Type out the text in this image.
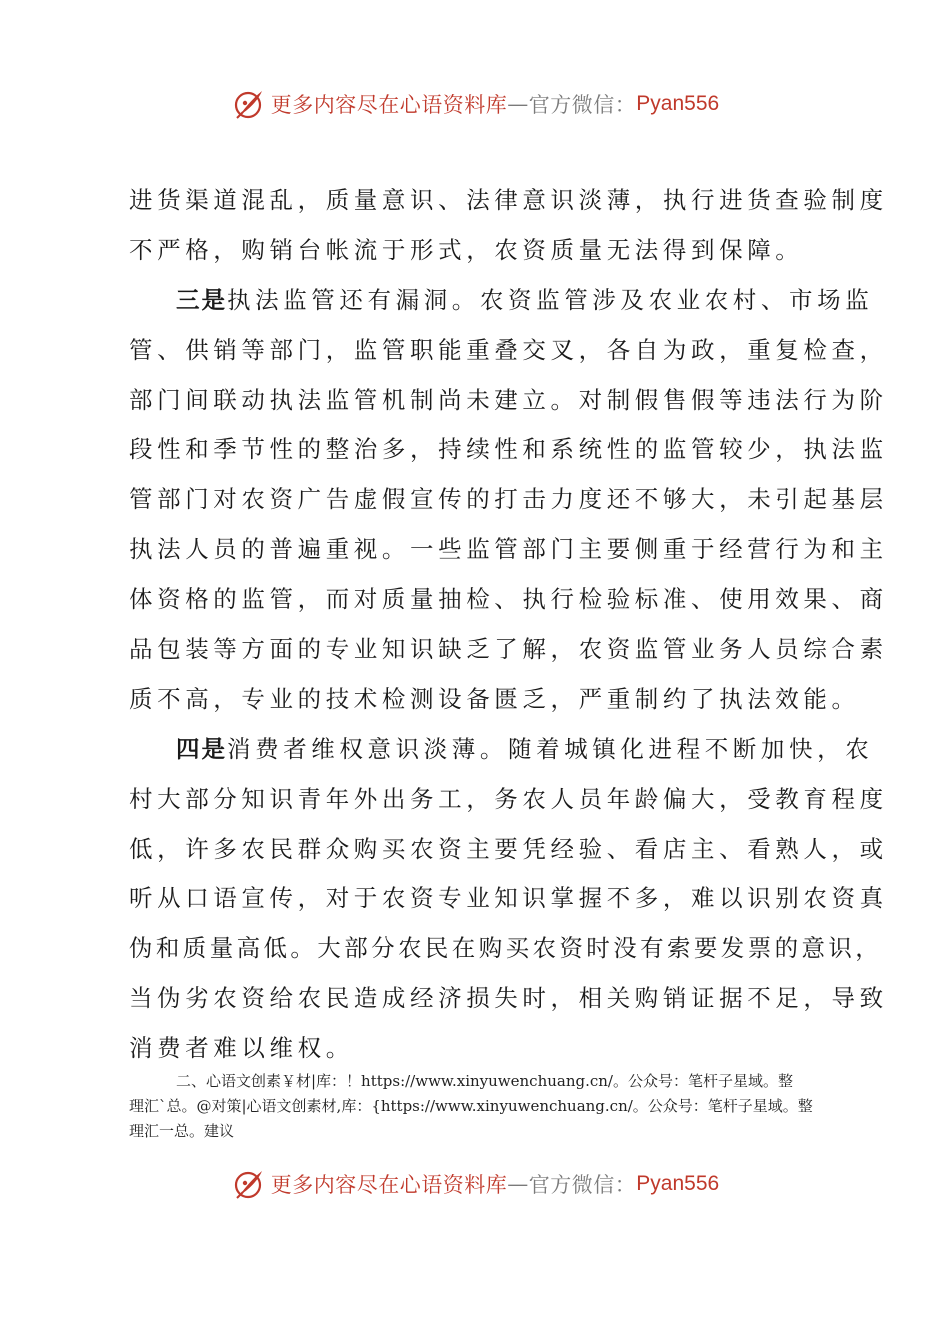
更多内容尽在心语资料库 — 官方微信： Pyan556
进货渠道混乱，质量意识、法律意识淡薄，执行进货查验制度
不严格，购销台帐流于形式，农资质量无法得到保障。
三是执法监管还有漏洞。农资监管涉及农业农村、市场监
管、供销等部门，监管职能重叠交叉，各自为政，重复检查，
部门间联动执法监管机制尚未建立。对制假售假等违法行为阶
段性和季节性的整治多，持续性和系统性的监管较少，执法监
管部门对农资广告虚假宣传的打击力度还不够大，未引起基层
执法人员的普遍重视。一些监管部门主要侧重于经营行为和主
体资格的监管，而对质量抽检、执行检验标准、使用效果、商
品包装等方面的专业知识缺乏了解，农资监管业务人员综合素
质不高，专业的技术检测设备匮乏，严重制约了执法效能。
四是消费者维权意识淡薄。随着城镇化进程不断加快，农
村大部分知识青年外出务工，务农人员年龄偏大，受教育程度
低，许多农民群众购买农资主要凭经验、看店主、看熟人，或
听从口语宣传，对于农资专业知识掌握不多，难以识别农资真
伪和质量高低。大部分农民在购买农资时没有索要发票的意识，
当伪劣农资给农民造成经济损失时，相关购销证据不足，导致
消费者难以维权。
二、心语文创素￥材|库：！https://www.xinyuwenchuang.cn/。公众号：笔杆子星域。整
理汇`总。@对策|心语文创素材,库：{https://www.xinyuwenchuang.cn/。公众号：笔杆子星域。整
理汇一总。建议
更多内容尽在心语资料库 — 官方微信： Pyan556
